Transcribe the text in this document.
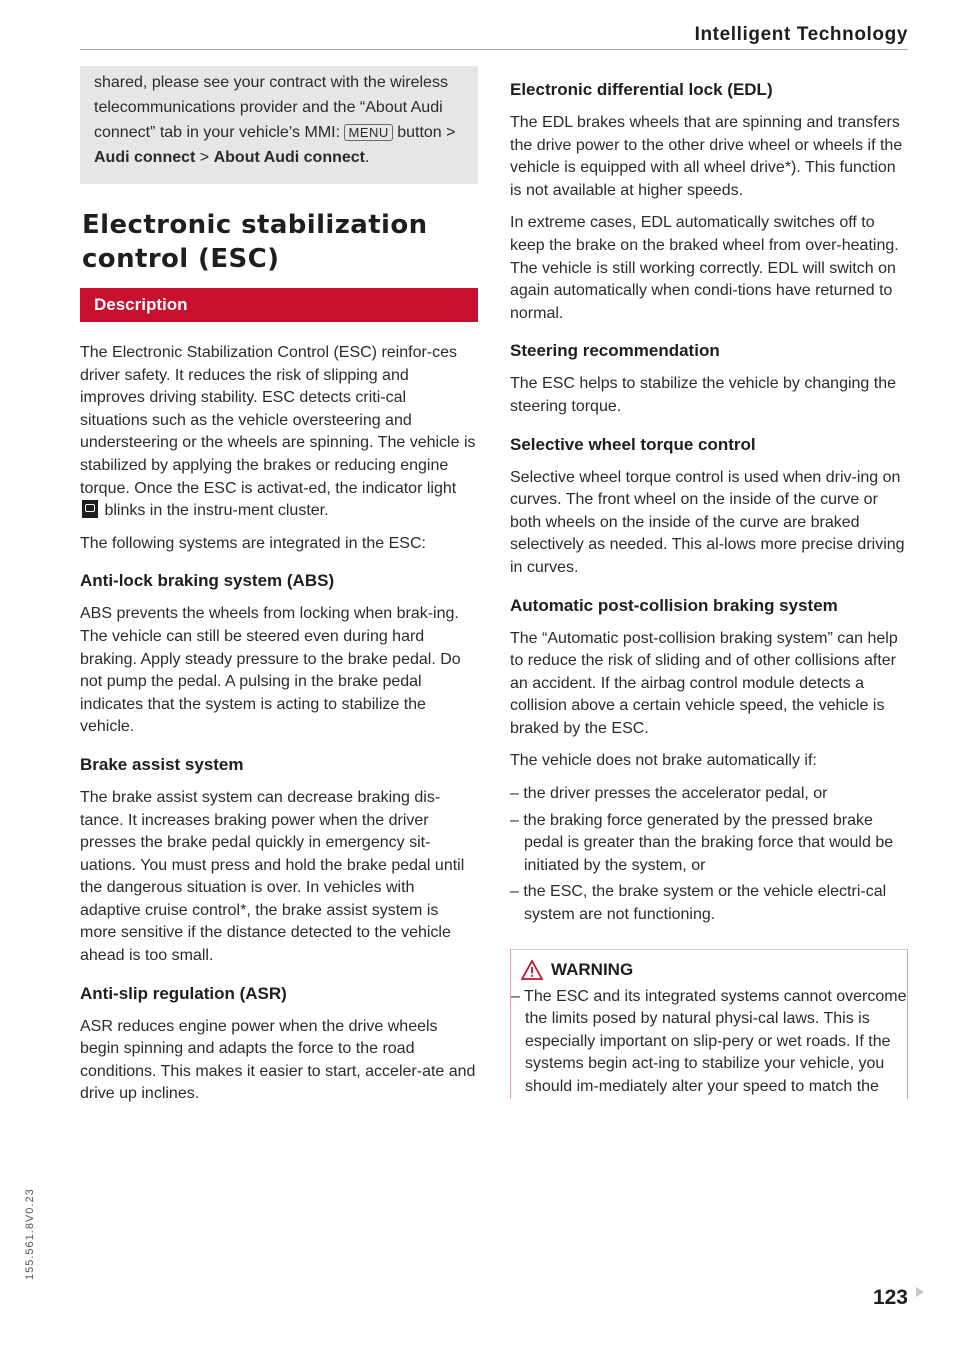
Intelligent Technology
shared, please see your contract with the wireless telecommunications provider and the “About Audi connect” tab in your vehicle’s MMI: MENU button > Audi connect > About Audi connect.
Electronic stabilization control (ESC)
Description

The Electronic Stabilization Control (ESC) reinfor-ces driver safety. It reduces the risk of slipping and improves driving stability. ESC detects criti-cal situations such as the vehicle oversteering and understeering or the wheels are spinning. The vehicle is stabilized by applying the brakes or reducing engine torque. Once the ESC is activat-ed, the indicator light  blinks in the instru-ment cluster.

The following systems are integrated in the ESC:

Anti-lock braking system (ABS)

ABS prevents the wheels from locking when brak-ing. The vehicle can still be steered even during hard braking. Apply steady pressure to the brake pedal. Do not pump the pedal. A pulsing in the brake pedal indicates that the system is acting to stabilize the vehicle.

Brake assist system

The brake assist system can decrease braking dis-tance. It increases braking power when the driver presses the brake pedal quickly in emergency sit-uations. You must press and hold the brake pedal until the dangerous situation is over. In vehicles with adaptive cruise control*, the brake assist system is more sensitive if the distance detected to the vehicle ahead is too small.

Anti-slip regulation (ASR)

ASR reduces engine power when the drive wheels begin spinning and adapts the force to the road conditions. This makes it easier to start, acceler-ate and drive up inclines.

Electronic differential lock (EDL)

The EDL brakes wheels that are spinning and transfers the drive power to the other drive wheel or wheels if the vehicle is equipped with all wheel drive*). This function is not available at higher speeds.

In extreme cases, EDL automatically switches off to keep the brake on the braked wheel from over-heating. The vehicle is still working correctly. EDL will switch on again automatically when condi-tions have returned to normal.

Steering recommendation

The ESC helps to stabilize the vehicle by changing the steering torque.

Selective wheel torque control

Selective wheel torque control is used when driv-ing on curves. The front wheel on the inside of the curve or both wheels on the inside of the curve are braked selectively as needed. This al-lows more precise driving in curves.

Automatic post-collision braking system

The “Automatic post-collision braking system” can help to reduce the risk of sliding and of other collisions after an accident. If the airbag control module detects a collision above a certain vehicle speed, the vehicle is braked by the ESC.

The vehicle does not brake automatically if:

– the driver presses the accelerator pedal, or
– the braking force generated by the pressed brake pedal is greater than the braking force that would be initiated by the system, or
– the ESC, the brake system or the vehicle electri-cal system are not functioning.
WARNING
– The ESC and its integrated systems cannot overcome the limits posed by natural physi-cal laws. This is especially important on slip-pery or wet roads. If the systems begin act-ing to stabilize your vehicle, you should im-mediately alter your speed to match the
123
155.561.8V0.23
